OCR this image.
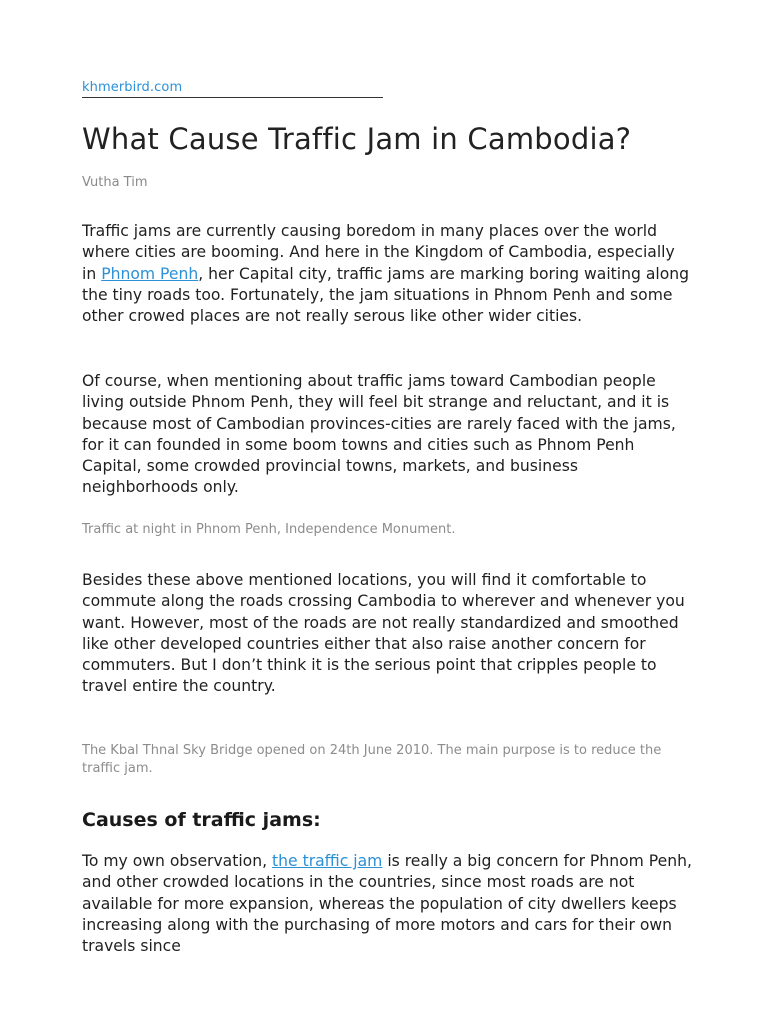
khmerbird.com
What Cause Traffic Jam in Cambodia?
Vutha Tim

Traffic jams are currently causing boredom in many places over the world where cities are booming. And here in the Kingdom of Cambodia, especially in Phnom Penh, her Capital city, traffic jams are marking boring waiting along the tiny roads too. Fortunately, the jam situations in Phnom Penh and some other crowed places are not really serous like other wider cities.

Of course, when mentioning about traffic jams toward Cambodian people living outside Phnom Penh, they will feel bit strange and reluctant, and it is because most of Cambodian provinces-cities are rarely faced with the jams, for it can founded in some boom towns and cities such as Phnom Penh Capital, some crowded provincial towns, markets, and business neighborhoods only.

Traffic at night in Phnom Penh, Independence Monument.

Besides these above mentioned locations, you will find it comfortable to commute along the roads crossing Cambodia to wherever and whenever you want. However, most of the roads are not really standardized and smoothed like other developed countries either that also raise another concern for commuters. But I don’t think it is the serious point that cripples people to travel entire the country.

The Kbal Thnal Sky Bridge opened on 24th June 2010. The main purpose is to reduce the traffic jam.

Causes of traffic jams:

To my own observation, the traffic jam is really a big concern for Phnom Penh, and other crowded locations in the countries, since most roads are not available for more expansion, whereas the population of city dwellers keeps increasing along with the purchasing of more motors and cars for their own travels since
